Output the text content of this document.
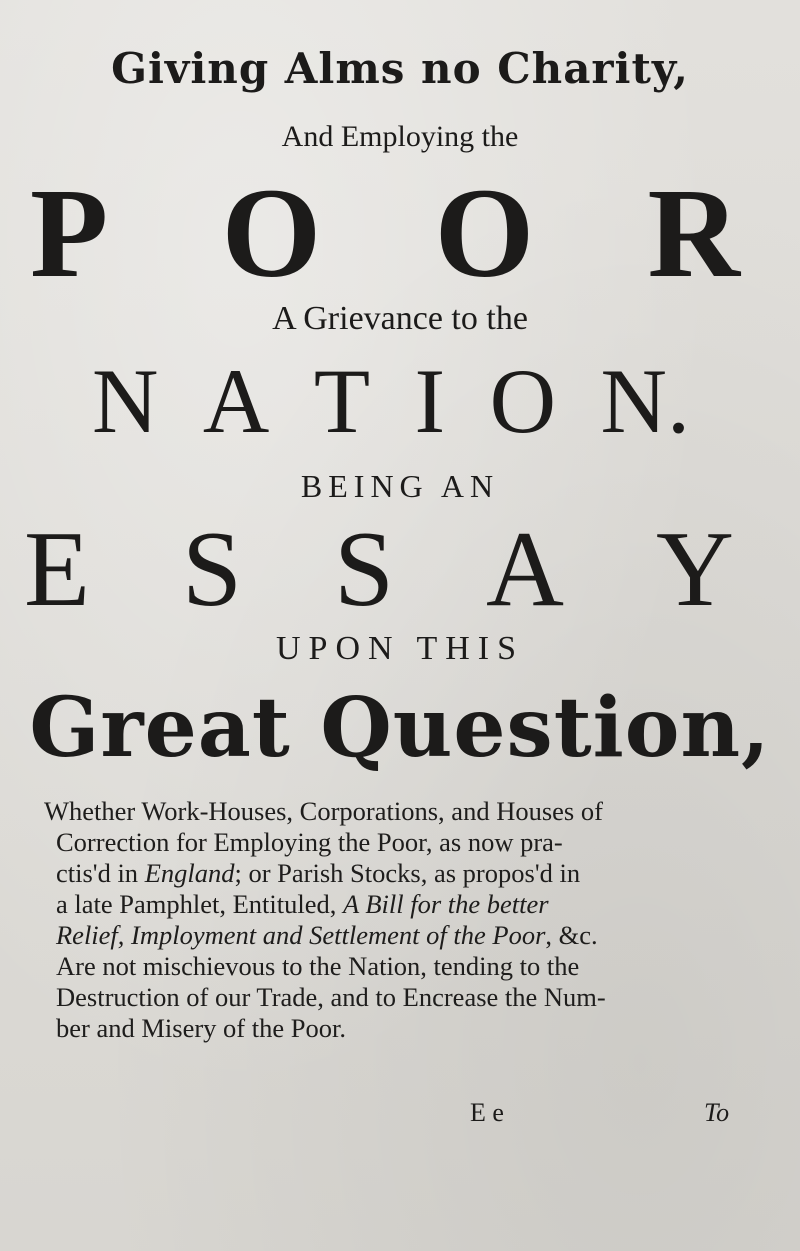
Giving Alms no Charity,
And Employing the
P O O R
A Grievance to the
N A T I O N.
BEING AN
E S S A Y
UPON THIS
Great Question,
Whether Work-Houses, Corporations, and Houses of
Correction for Employing the Poor, as now pra-
ctis'd in England; or Parish Stocks, as propos'd in
a late Pamphlet, Entituled, A Bill for the better
Relief, Imployment and Settlement of the Poor, &c.
Are not mischievous to the Nation, tending to the
Destruction of our Trade, and to Encrease the Num-
ber and Misery of the Poor.
E e	To
